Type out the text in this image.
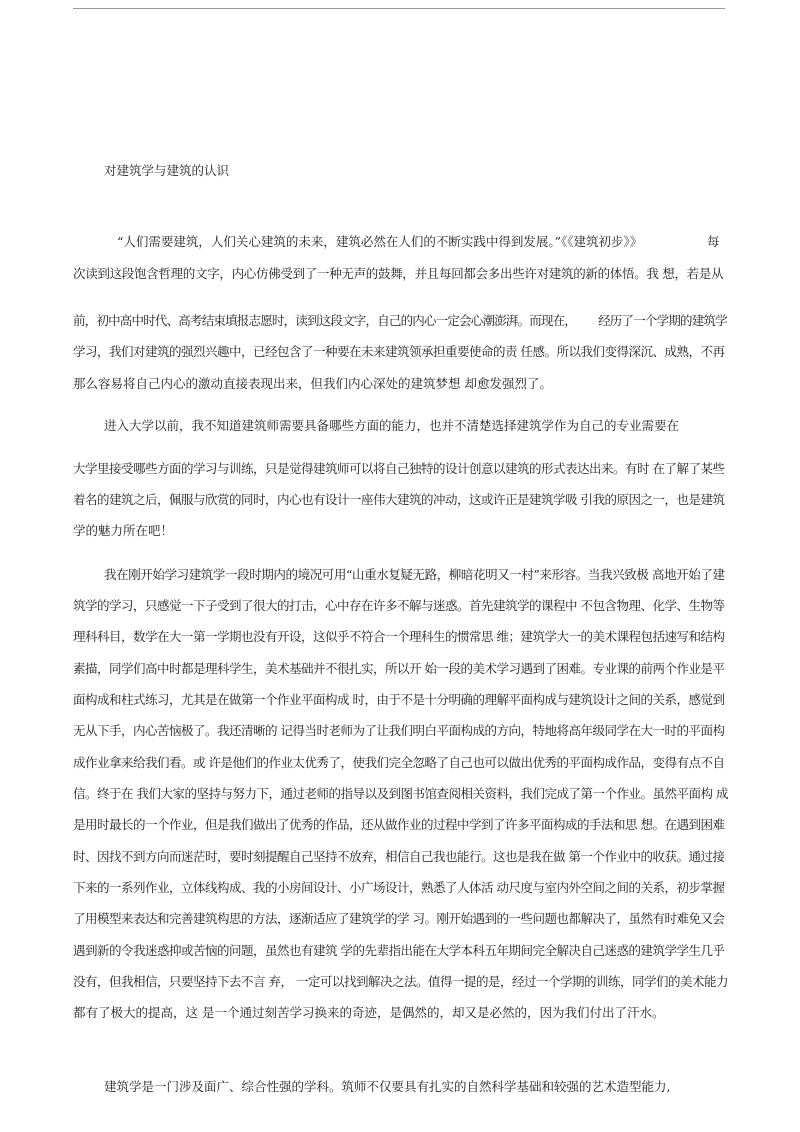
对建筑学与建筑的认识
“人们需要建筑，人们关心建筑的未来，建筑必然在人们的不断实践中得到发展。”《《建筑初步》》	每
次读到这段饱含哲理的文字，内心仿佛受到了一种无声的鼓舞，并且每回都会多出些许对建筑的新的体悟。我 想，若是从
前，初中高中时代、高考结束填报志愿时，读到这段文字，自己的内心一定会心潮澎湃。而现在， 经历了一个学期的建筑学
学习，我们对建筑的强烈兴趣中，已经包含了一种要在未来建筑领承担重要使命的责 任感。所以我们变得深沉、成熟，不再
那么容易将自己内心的激动直接表现出来，但我们内心深处的建筑梦想 却愈发强烈了。
进入大学以前，我不知道建筑师需要具备哪些方面的能力，也并不清楚选择建筑学作为自己的专业需要在
大学里接受哪些方面的学习与训练，只是觉得建筑师可以将自己独特的设计创意以建筑的形式表达出来。有时 在了解了某些
着名的建筑之后，佩服与欣赏的同时，内心也有设计一座伟大建筑的冲动，这或许正是建筑学吸 引我的原因之一，也是建筑
学的魅力所在吧！
我在刚开始学习建筑学一段时期内的境况可用“山重水复疑无路，柳暗花明又一村”来形容。当我兴致极 高地开始了建
筑学的学习，只感觉一下子受到了很大的打击，心中存在许多不解与迷惑。首先建筑学的课程中 不包含物理、化学、生物等
理科科目，数学在大一第一学期也没有开设，这似乎不符合一个理科生的惯常思 维；建筑学大一的美术课程包括速写和结构
素描，同学们高中时都是理科学生，美术基础并不很扎实，所以开 始一段的美术学习遇到了困难。专业课的前两个作业是平
面构成和柱式练习，尤其是在做第一个作业平面构成 时，由于不是十分明确的理解平面构成与建筑设计之间的关系，感觉到
无从下手，内心苦恼极了。我还清晰的 记得当时老师为了让我们明白平面构成的方向，特地将高年级同学在大一时的平面构
成作业拿来给我们看。或 许是他们的作业太优秀了，使我们完全忽略了自己也可以做出优秀的平面构成作品，变得有点不自
信。终于在 我们大家的坚持与努力下，通过老师的指导以及到图书馆查阅相关资料，我们完成了第一个作业。虽然平面构 成
是用时最长的一个作业，但是我们做出了优秀的作品，还从做作业的过程中学到了许多平面构成的手法和思 想。在遇到困难
时、因找不到方向而迷茫时，要时刻提醒自己坚持不放弃，相信自己我也能行。这也是我在做 第一个作业中的收获。通过接
下来的一系列作业，立体线构成、我的小房间设计、小广场设计，熟悉了人体活 动尺度与室内外空间之间的关系，初步掌握
了用模型来表达和完善建筑构思的方法，逐渐适应了建筑学的学 习。刚开始遇到的一些问题也都解决了，虽然有时难免又会
遇到新的令我迷惑抑或苦恼的问题，虽然也有建筑 学的先辈指出能在大学本科五年期间完全解决自己迷惑的建筑学学生几乎
没有，但我相信，只要坚持下去不言 弃， 一定可以找到解决之法。值得一提的是，经过一个学期的训练，同学们的美术能力
都有了极大的提高，这 是一个通过刻苦学习换来的奇迹，是偶然的，却又是必然的，因为我们付出了汗水。
建筑学是一门涉及面广、综合性强的学科。筑师不仅要具有扎实的自然科学基础和较强的艺术造型能力,
